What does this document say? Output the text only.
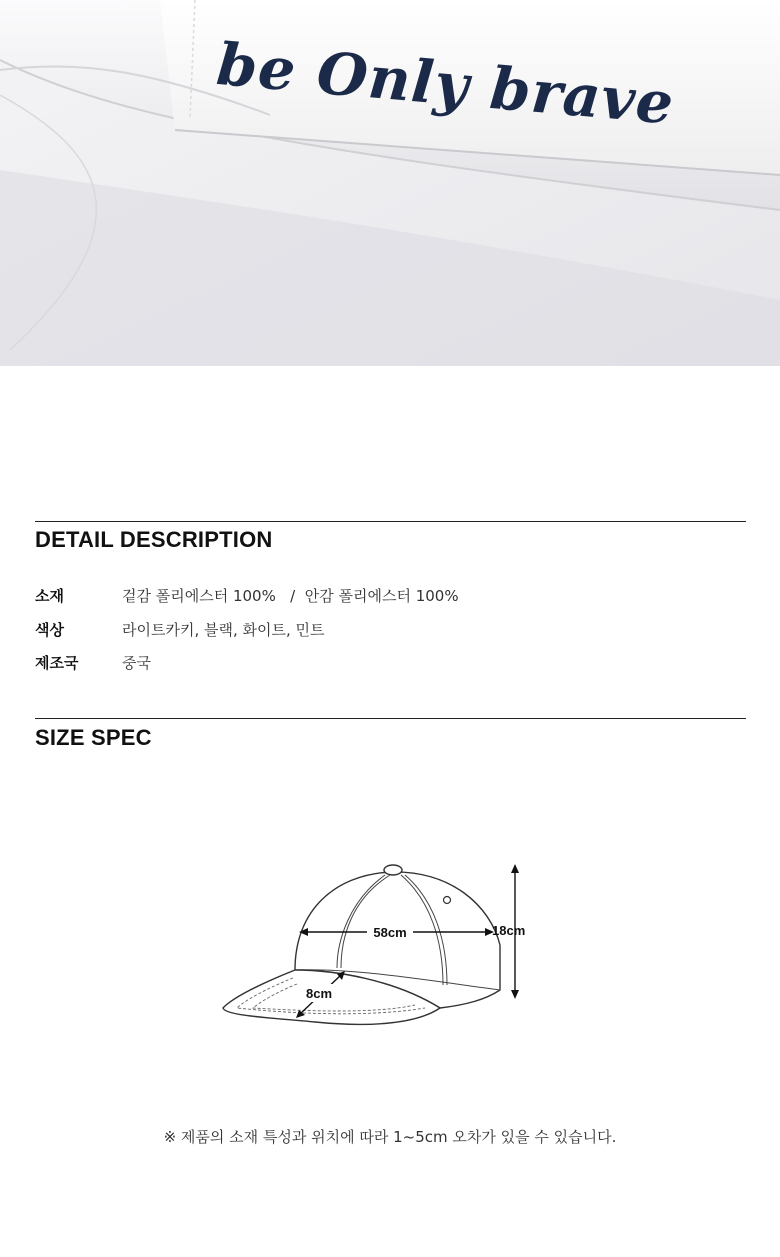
be Only brave
DETAIL DESCRIPTION
소재	겉감 폴리에스터 100%   /  안감 폴리에스터 100%
색상	라이트카키, 블랙, 화이트, 민트
제조국	중국
SIZE SPEC
58cm	18cm
8cm
※ 제품의 소재 특성과 위치에 따라 1~5cm 오차가 있을 수 있습니다.
